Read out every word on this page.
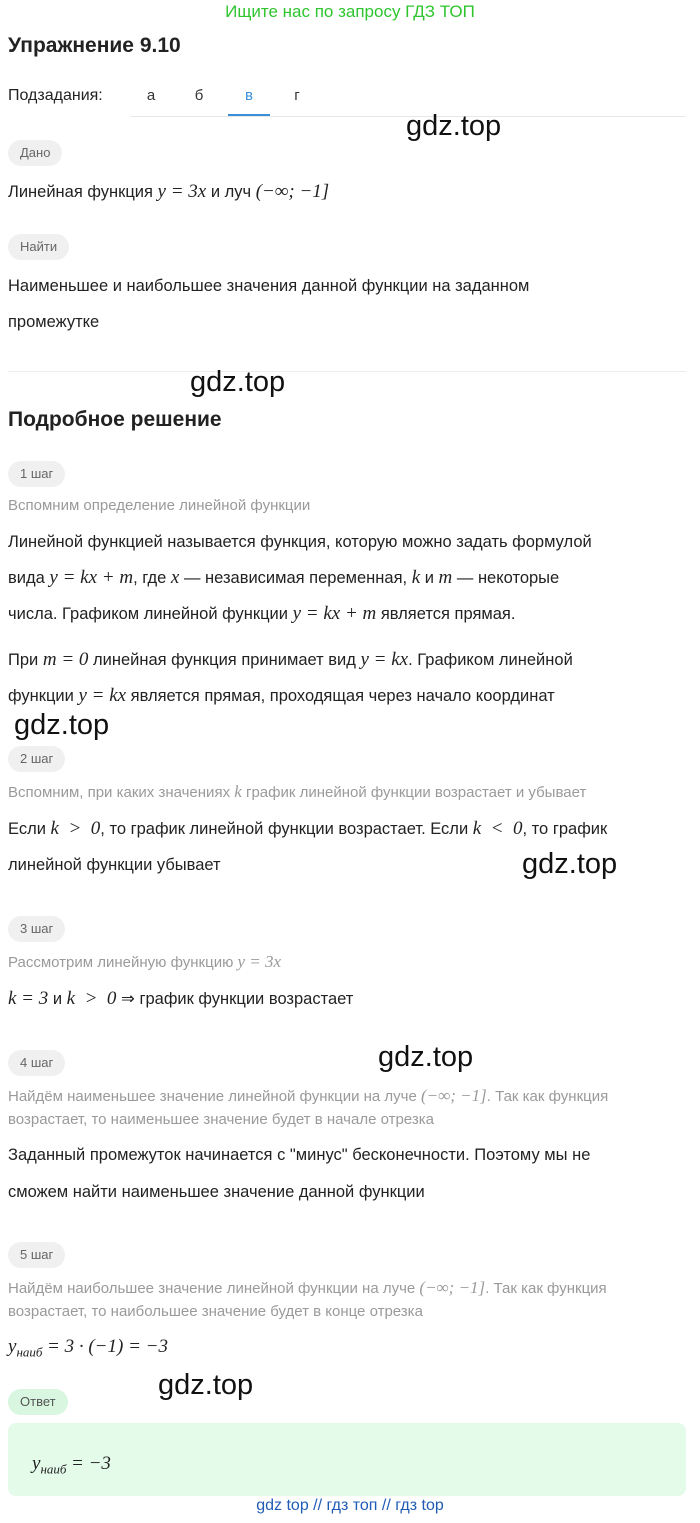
Ищите нас по запросу ГДЗ ТОП
Упражнение 9.10
Подзадания:	а	б	в	г
gdz.top
Дано
Линейная функция y = 3x и луч (−∞; −1]
Найти
Наименьшее и наибольшее значения данной функции на заданном
промежутке
gdz.top
Подробное решение
1 шаг
Вспомним определение линейной функции
Линейной функцией называется функция, которую можно задать формулой
вида y = kx + m, где x — независимая переменная, k и m — некоторые
числа. Графиком линейной функции y = kx + m является прямая.
При m = 0 линейная функция принимает вид y = kx. Графиком линейной
функции y = kx является прямая, проходящая через начало координат
gdz.top
2 шаг
Вспомним, при каких значениях k график линейной функции возрастает и убывает
Если k  >  0, то график линейной функции возрастает. Если k  <  0, то график
линейной функции убывает	gdz.top
3 шаг
Рассмотрим линейную функцию y = 3x
k = 3 и k  >  0 ⇒ график функции возрастает
gdz.top
4 шаг
Найдём наименьшее значение линейной функции на луче (−∞; −1]. Так как функция
возрастает, то наименьшее значение будет в начале отрезка
Заданный промежуток начинается с "минус" бесконечности. Поэтому мы не
сможем найти наименьшее значение данной функции
5 шаг
Найдём наибольшее значение линейной функции на луче (−∞; −1]. Так как функция
возрастает, то наибольшее значение будет в конце отрезка
$y_{наиб} = 3 \cdot (-1) = -3$
gdz.top
Ответ
$y_{наиб} = -3$
gdz top // гдз топ // гдз top
